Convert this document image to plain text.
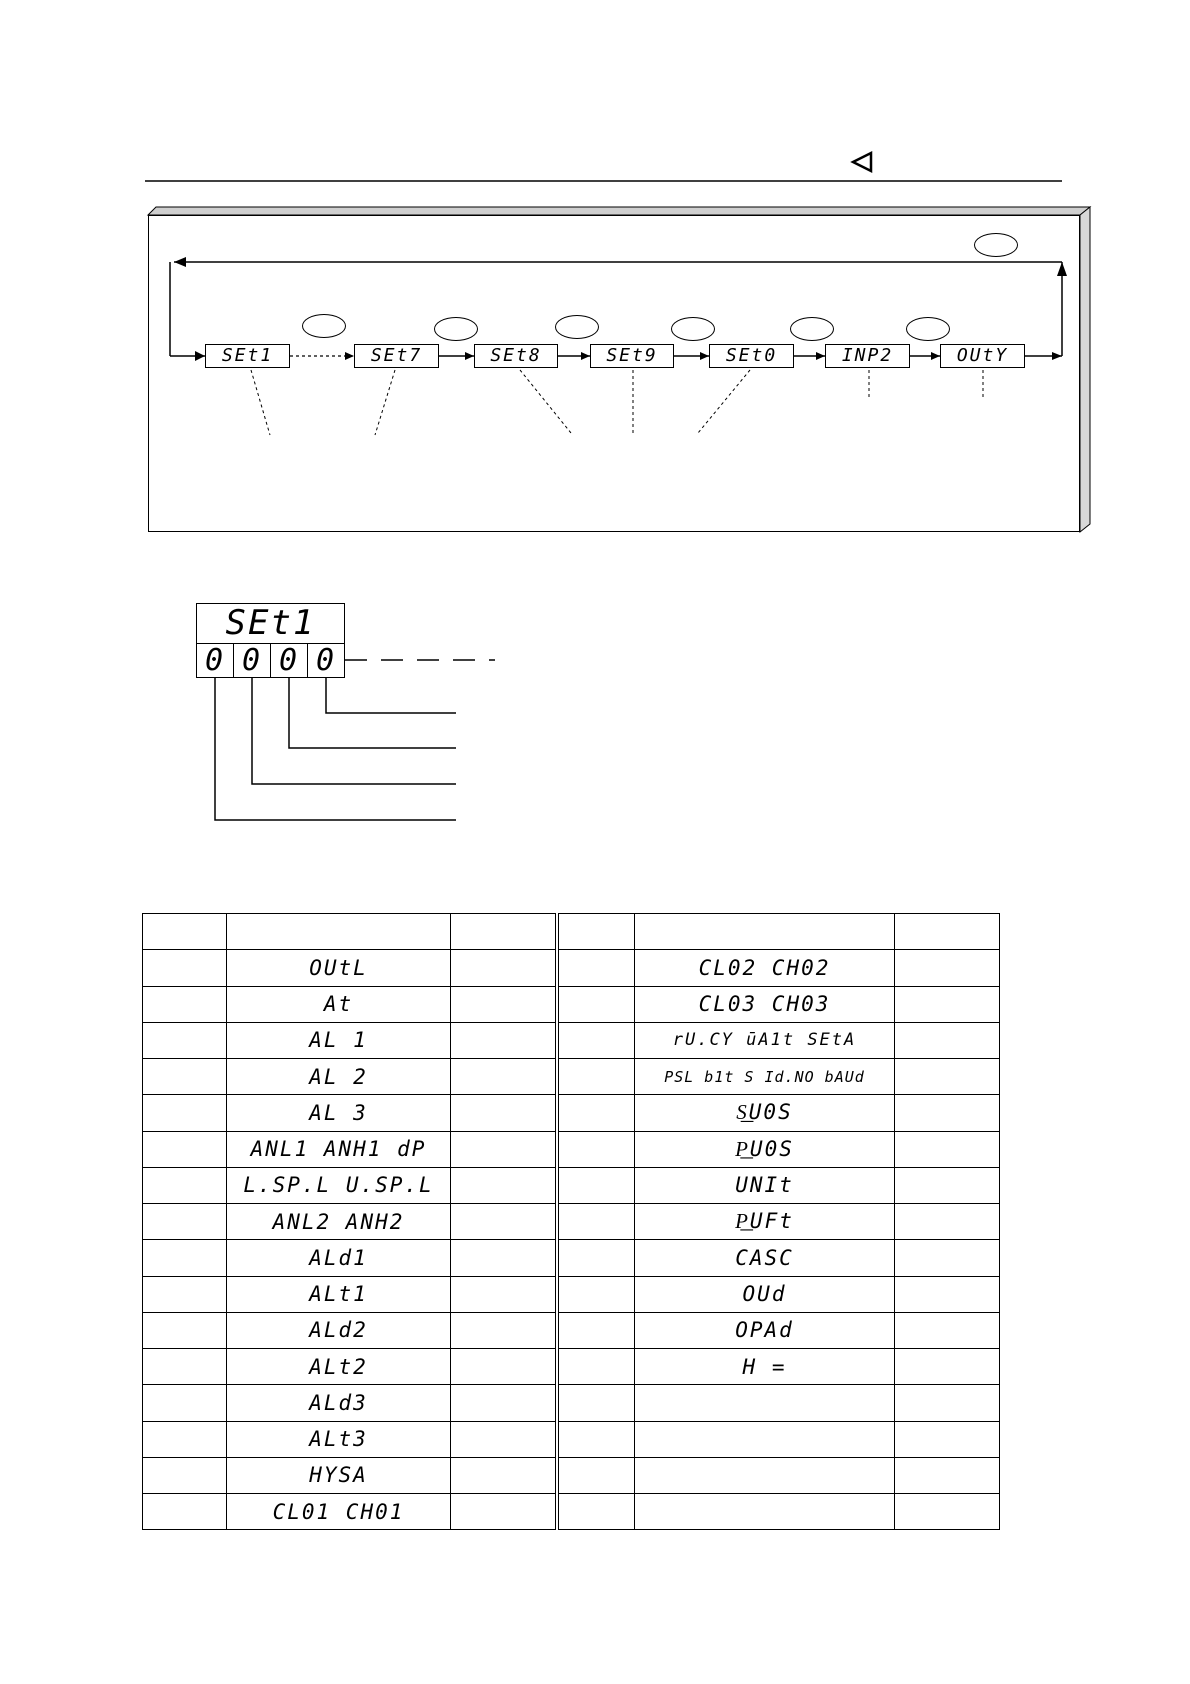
SEt1	SEt7	SEt8	SEt9	SEt0	INP2	OUtY
SEt1
0 0 0 0

	OUtL	
	At	
	AL 1	
	AL 2	
	AL 3	
	ANL1 ANH1 dP	
	L.SP.L U.SP.L	
	ANL2 ANH2	
	ALd1	
	ALt1	
	ALd2	
	ALt2	
	ALd3	
	ALt3	
	HYSA	
	CL01 CH01	

	CL02 CH02	
	CL03 CH03	
	rU.CY ūA1t SEtA	
	PSL b1t S Id.NO bAUd	
	S͟U0S	
	P͟U0S	
	UNIt	
	P͟UFt	
	CASC	
	OUd	
	OPAd	
	H =	
